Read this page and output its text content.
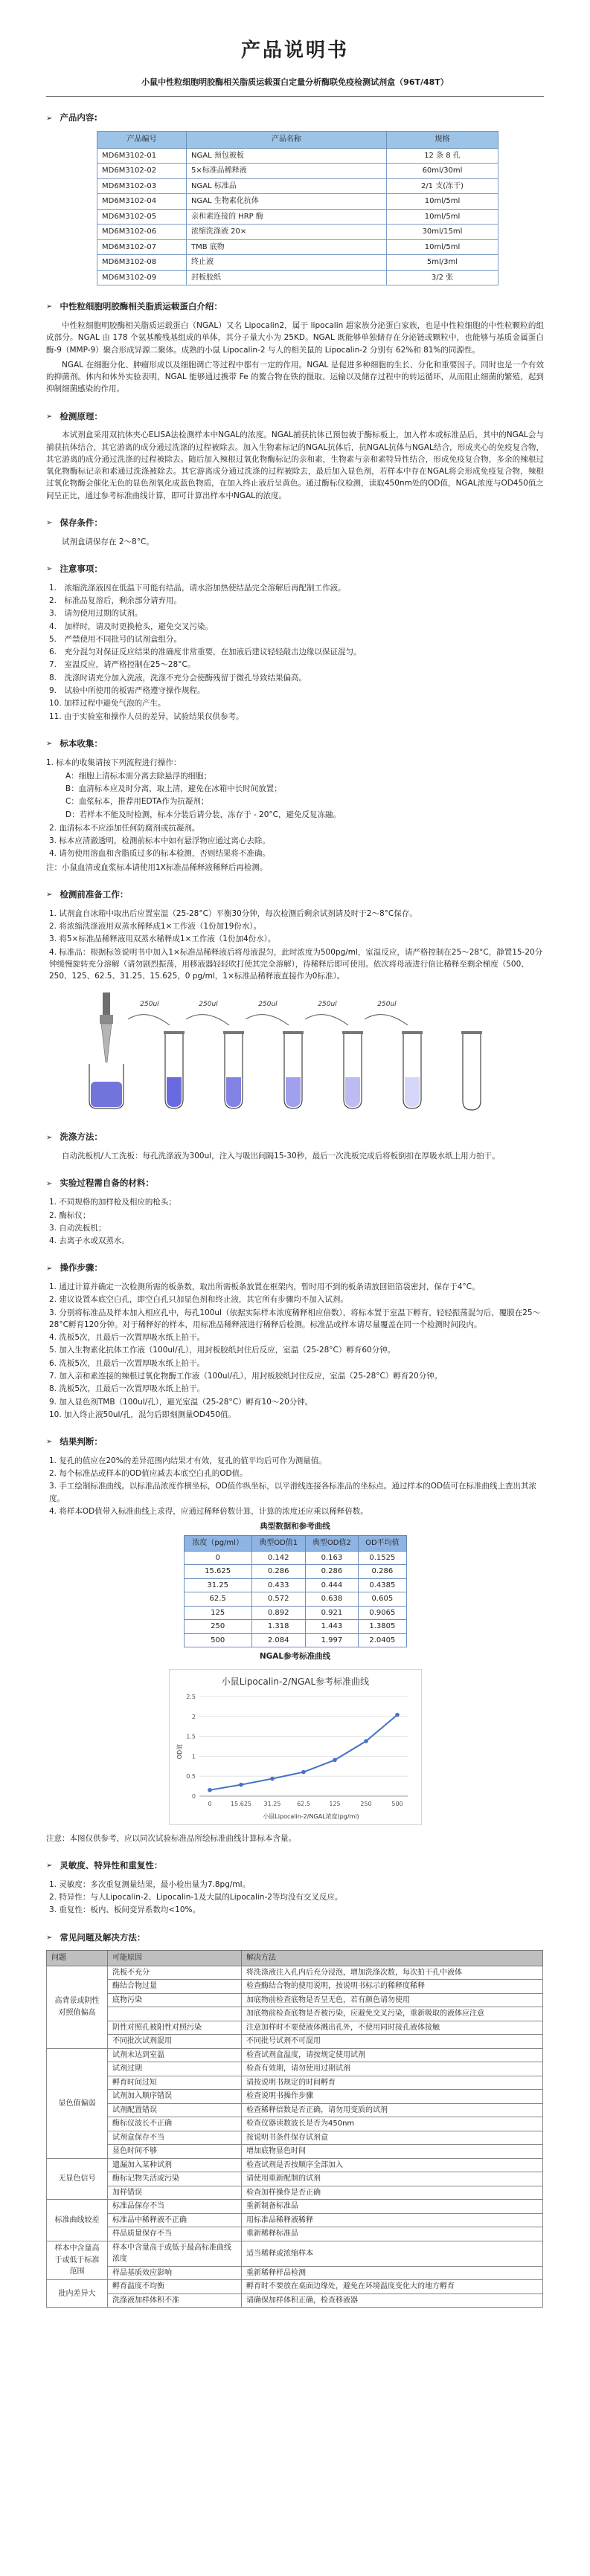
产品说明书
小鼠中性粒细胞明胶酶相关脂质运载蛋白定量分析酶联免疫检测试剂盒（96T/48T）
➢ 产品内容:
产品编号	产品名称	规格
MD6M3102-01	NGAL 预包被板	12 条 8 孔
MD6M3102-02	5×标准品稀释液	60ml/30ml
MD6M3102-03	NGAL 标准品	2/1 支(冻干)
MD6M3102-04	NGAL 生物素化抗体	10ml/5ml
MD6M3102-05	亲和素连接的 HRP 酶	10ml/5ml
MD6M3102-06	浓缩洗涤液 20×	30ml/15ml
MD6M3102-07	TMB 底物	10ml/5ml
MD6M3102-08	终止液	5ml/3ml
MD6M3102-09	封板胶纸	3/2 张
➢ 中性粒细胞明胶酶相关脂质运载蛋白介绍：

中性粒细胞明胶酶相关脂质运载蛋白（NGAL）又名 Lipocalin2，属于 lipocalin 超家族分泌蛋白家族，也是中性粒细胞的中性粒颗粒的组成部分。NGAL 由 178 个氨基酸残基组成的单体，其分子量大小为 25KD。NGAL 既能够单独储存在分泌链或颗粒中，也能够与基质金属蛋白酶-9（MMP-9）聚合形成异源二聚体。成熟的小鼠 Lipocalin-2 与人的相关鼠的 Lipocalin-2 分别有 62%和 81%的同源性。

NGAL 在细胞分化、肿瘤形成以及细胞调亡等过程中都有一定的作用。NGAL 是促进多种细胞的生长、分化和重要因子。同时也是一个有效的抑菌剂。体内和体外实验表明，NGAL 能够通过携带 Fe 的鳌合物在铁的摄取、运输以及储存过程中的转运循环，从而阻止细菌的繁殖，起到抑制细菌感染的作用。

➢ 检测原理：

本试剂盒采用双抗体夹心ELISA法检测样本中NGAL的浓度。NGAL捕获抗体已预包被于酶标板上，加入样本或标准品后，其中的NGAL会与捕获抗体结合，其它游离的成分通过洗涤的过程被除去。加入生物素标记的NGAL抗体后，抗NGAL抗体与NGAL结合，形成夹心的免疫复合物，其它游离的成分通过洗涤的过程被除去。随后加入辣根过氧化物酶标记的亲和素，生物素与亲和素特异性结合，形成免疫复合物，多余的辣根过氧化物酶标记亲和素通过洗涤被除去。其它游离成分通过洗涤的过程被除去，最后加入显色剂，若样本中存在NGAL将会形成免疫复合物，辣根过氧化物酶会催化无色的显色剂氧化成蓝色物质，在加入终止液后呈黄色。通过酶标仪检测，读取450nm处的OD值，NGAL浓度与OD450值之间呈正比，通过参考标准曲线计算，即可计算出样本中NGAL的浓度。

➢ 保存条件：

试剂盒请保存在 2～8°C。

➢ 注意事项：
1.　浓缩洗涤液因在低温下可能有结晶，请水浴加热使结晶完全溶解后再配制工作液。
2.　标准品复溶后，剩余部分请弃用。
3.　请勿使用过期的试剂。
4.　加样时，请及时更换枪头，避免交叉污染。
5.　严禁使用不同批号的试剂盒组分。
6.　充分混匀对保证反应结果的准确度非常重要，在加液后建议轻轻敲击边缘以保证混匀。
7.　室温反应，请严格控制在25～28°C。
8.　洗涤时请充分加入洗液，洗涤不充分会使酶残留于微孔导致结果偏高。
9.　试验中所使用的板需严格遵守操作规程。
10. 加样过程中避免气泡的产生。
11. 由于实验室和操作人员的差异，试验结果仅供参考。
➢ 标本收集：
1. 标本的收集请按下列流程进行操作：
A：细胞上清标本需分离去除悬浮的细胞；
B：血清标本应及时分离，取上清，避免在冰箱中长时间放置；
C：血浆标本，推荐用EDTA作为抗凝剂；
D：若样本不能及时检测，标本分装后请分装，冻存于 - 20°C，避免反复冻融。
2. 血清标本不应添加任何防腐剂或抗凝剂。
3. 标本应清澈透明，检测前标本中如有悬浮物应通过离心去除。
4. 请勿使用溶血和含脂质过多的标本检测，否则结果将不准确。
注：小鼠血清或血浆标本请使用1X标准品稀释液稀释后再检测。
➢ 检测前准备工作：
1. 试剂盒自冰箱中取出后应置室温（25-28°C）平衡30分钟，每次检测后剩余试剂请及时于2～8°C保存。
2. 将浓缩洗涤液用双蒸水稀释成1×工作液（1份加19份水）。
3. 将5×标准品稀释液用双蒸水稀释成1×工作液（1份加4份水）。
4. 标准品：根据标签说明书中加入1×标准品稀释液后将母液混匀，此时浓度为500pg/ml，室温反应，请严格控制在25～28°C，静置15-20分钟缓慢旋转充分溶解（请勿剧烈振荡，用移液器轻轻吹打使其完全溶解），待稀释后即可使用。依次将母液进行倍比稀释至剩余梯度（500、250、125、62.5、31.25、15.625，0 pg/ml，1×标准品稀释液直接作为0标准）。
250ul	250ul	250ul	250ul	250ul
➢ 洗涤方法：

自动洗板机/人工洗板：每孔洗涤液为300ul，注入与吸出间隔15-30秒，最后一次洗板完成后将板倒扣在厚吸水纸上用力拍干。

➢ 实验过程需自备的材料：
1. 不同规格的加样枪及相应的枪头；
2. 酶标仪；
3. 自动洗板机；
4. 去离子水或双蒸水。
➢ 操作步骤：
1. 通过计算并确定一次检测所需的板条数，取出所需板条放置在框架内，暂时用不到的板条请放回铝箔袋密封，保存于4°C。
2. 建议设置本底空白孔，即空白孔只加显色剂和终止液，其它所有步骤均不加入试剂。
3. 分别将标准品及样本加入相应孔中，每孔100ul（依据实际样本浓度稀释相应倍数），将标本置于室温下孵育，轻轻振荡混匀后，覆膜在25～28°C孵育120分钟。对于稀释好的样本，用标准品稀释液进行稀释后检测。标准品或样本请尽量覆盖在同一个检测时间段内。
4. 洗板5次，且最后一次置厚吸水纸上拍干。
5. 加入生物素化抗体工作液（100ul/孔），用封板胶纸封住后反应，室温（25-28°C）孵育60分钟。
6. 洗板5次，且最后一次置厚吸水纸上拍干。
7. 加入亲和素连接的辣根过氧化物酶工作液（100ul/孔），用封板胶纸封住反应，室温（25-28°C）孵育20分钟。
8. 洗板5次，且最后一次置厚吸水纸上拍干。
9. 加入显色剂TMB（100ul/孔），避光室温（25-28°C）孵育10～20分钟。
10. 加入终止液50ul/孔，混匀后即刻测量OD450值。
➢ 结果判断：
1. 复孔的值应在20%的差异范围内结果才有效，复孔的值平均后可作为测量值。
2. 每个标准品或样本的OD值应减去本底空白孔的OD值。
3. 手工绘制标准曲线。以标准品浓度作横坐标，OD值作纵坐标，以平滑线连接各标准品的坐标点。通过样本的OD值可在标准曲线上查出其浓度。
4. 将样本OD值带入标准曲线上求得，应通过稀释倍数计算，计算的浓度还应乘以稀释倍数。
典型数据和参考曲线
浓度（pg/ml）	典型OD值1	典型OD值2	OD平均值
0	0.142	0.163	0.1525
15.625	0.286	0.286	0.286
31.25	0.433	0.444	0.4385
62.5	0.572	0.638	0.605
125	0.892	0.921	0.9065
250	1.318	1.443	1.3805
500	2.084	1.997	2.0405
NGAL参考标准曲线
小鼠Lipocalin-2/NGAL参考标准曲线
OD值
小鼠Lipocalin-2/NGAL浓度(pg/ml)
0
0.5
1
1.5
2
2.5
0	15.625 31.25	62.5	125	250	500

注意：本图仅供参考，应以同次试验标准品所绘标准曲线计算标本含量。

➢ 灵敏度、特异性和重复性：
1. 灵敏度：多次重复测量结果，最小检出量为7.8pg/ml。
2. 特异性：与人Lipocalin-2、Lipocalin-1及大鼠的Lipocalin-2等均没有交叉反应。
3. 重复性：板内、板间变异系数均<10%。
➢ 常见问题及解决方法：
问题	可能原因	解决方法
高背景或阴性对照值偏高	洗板不充分	将洗涤液注入孔内后充分浸泡，增加洗涤次数，每次拍干孔中液体
	酶结合物过量	检查酶结合物的使用说明，按说明书标示的稀释度稀释
	底物污染	加底物前检查底物是否呈无色，若有颜色请勿使用
		加底物前检查底物是否被污染，应避免交叉污染，重新吸取的液体应注意
	阴性对照孔被阳性对照污染	注意加样时不要使液体溅出孔外，不使用同时接孔液体接触
	不同批次试剂混用	不同批号试剂不可混用
显色值偏弱	试剂未达到室温	检查试剂盒温度，请按规定使用试剂
	试剂过期	检查有效期，请勿使用过期试剂
	孵育时间过短	请按说明书规定的时间孵育
	试剂加入顺序错误	检查说明书操作步骤
	试剂配置错误	检查稀释倍数是否正确，请勿用变质的试剂
	酶标仪波长不正确	检查仪器读数波长是否为450nm
	试剂盒保存不当	按说明书条件保存试剂盒
	显色时间不够	增加底物显色时间
无显色信号	遗漏加入某种试剂	检查试剂是否按顺序全部加入
	酶标记物失活或污染	请使用重新配制的试剂
	加样错误	检查加样操作是否正确
标准曲线较差	标准品保存不当	重新制备标准品
	标准品中稀释液不正确	用标准品稀释液稀释
	样品质量保存不当	重新稀释标准品
样本中含量高于或低于标准范围	样本中含量高于或低于最高标准曲线浓度	适当稀释或浓缩样本
	样品基质效应影响	重新稀释样品检测
批内差异大	孵育温度不均衡	孵育时不要放在桌面边缘处，避免在环境温度变化大的地方孵育
	洗涤液加样体积不准	请确保加样体积正确，检查移液器
